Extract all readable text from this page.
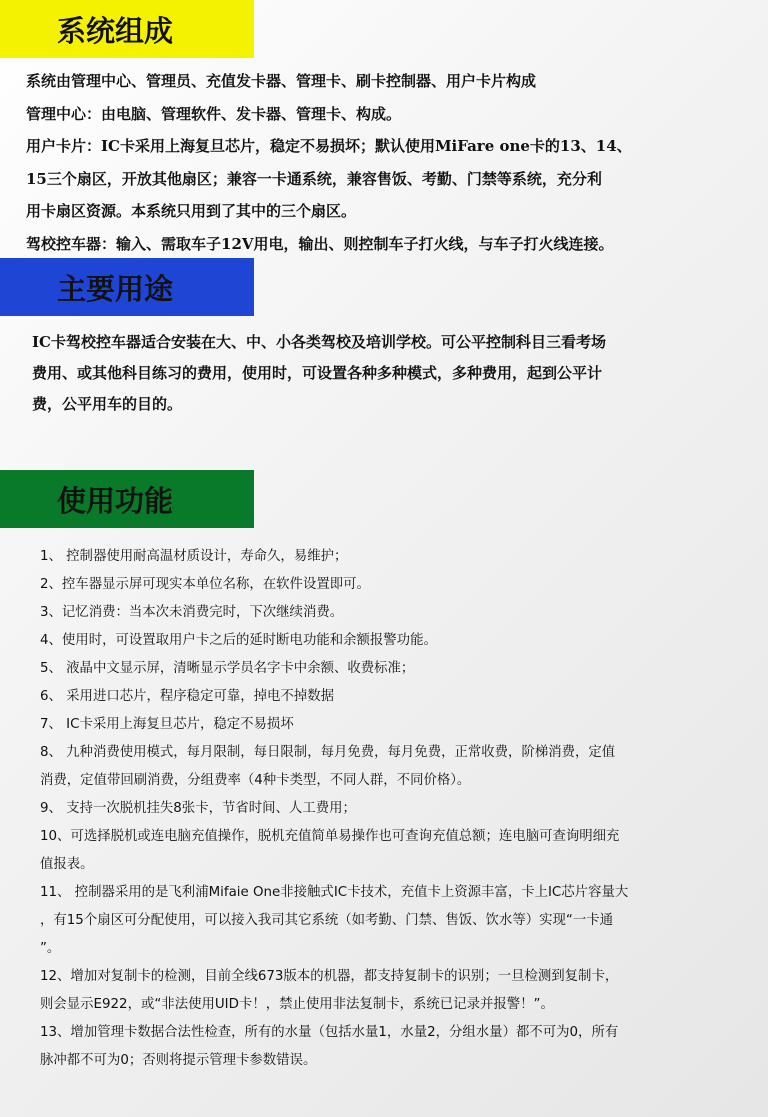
系统组成

系统由管理中心、管理员、充值发卡器、管理卡、刷卡控制器、用户卡片构成

管理中心：由电脑、管理软件、发卡器、管理卡、构成。

用户卡片：IC卡采用上海复旦芯片，稳定不易损坏；默认使用MiFare one卡的13、14、

15三个扇区，开放其他扇区；兼容一卡通系统，兼容售饭、考勤、门禁等系统，充分利

用卡扇区资源。本系统只用到了其中的三个扇区。

驾校控车器：输入、需取车子12V用电，输出、则控制车子打火线，与车子打火线连接。

主要用途

IC卡驾校控车器适合安装在大、中、小各类驾校及培训学校。可公平控制科目三看考场

费用、或其他科目练习的费用，使用时，可设置各种多种模式，多种费用，起到公平计

费，公平用车的目的。

使用功能

1、 控制器使用耐高温材质设计，寿命久，易维护；

2、控车器显示屏可现实本单位名称，在软件设置即可。

3、记忆消费：当本次未消费完时，下次继续消费。

4、使用时，可设置取用户卡之后的延时断电功能和余额报警功能。

5、 液晶中文显示屏，清晰显示学员名字卡中余额、收费标准；

6、 采用进口芯片，程序稳定可靠，掉电不掉数据

7、 IC卡采用上海复旦芯片，稳定不易损坏

8、 九种消费使用模式，每月限制，每日限制，每月免费，每月免费，正常收费，阶梯消费，定值

消费，定值带回刷消费，分组费率（4种卡类型，不同人群，不同价格）。

9、 支持一次脱机挂失8张卡，节省时间、人工费用；

10、可选择脱机或连电脑充值操作，脱机充值简单易操作也可查询充值总额；连电脑可查询明细充

值报表。

11、 控制器采用的是飞利浦Mifaie One非接触式IC卡技术，充值卡上资源丰富，卡上IC芯片容量大

，有15个扇区可分配使用，可以接入我司其它系统（如考勤、门禁、售饭、饮水等）实现“一卡通

”。

12、增加对复制卡的检测，目前全线673版本的机器，都支持复制卡的识别；一旦检测到复制卡，

则会显示E922，或“非法使用UID卡！，禁止使用非法复制卡，系统已记录并报警！”。

13、增加管理卡数据合法性检查，所有的水量（包括水量1，水量2，分组水量）都不可为0，所有

脉冲都不可为0；否则将提示管理卡参数错误。
